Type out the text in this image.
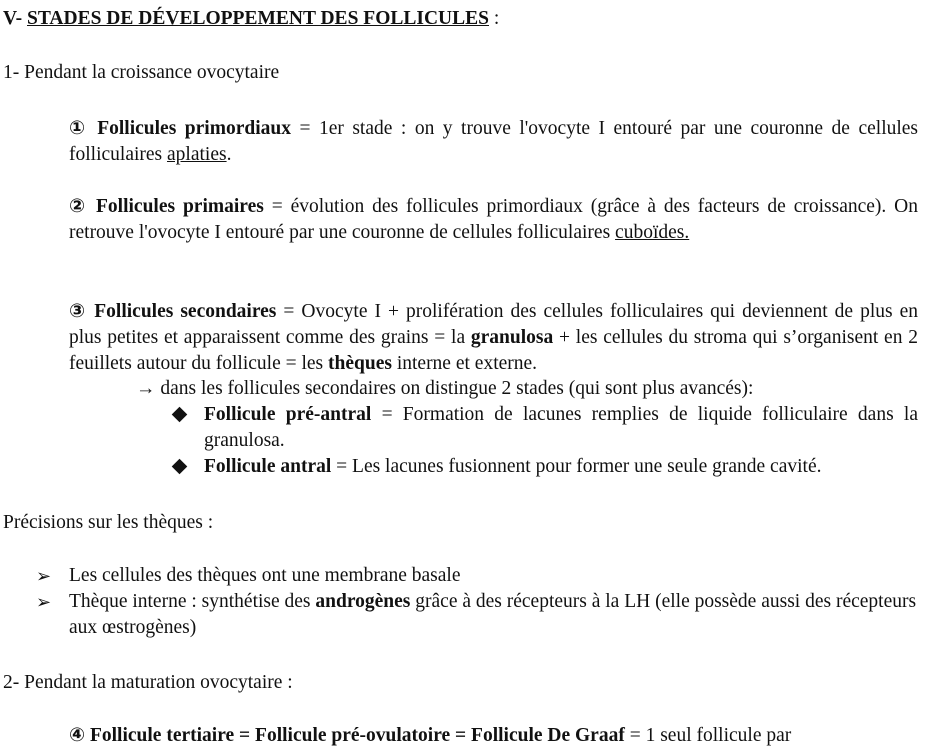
V- STADES DE DÉVELOPPEMENT DES FOLLICULES :
1- Pendant la croissance ovocytaire
① Follicules primordiaux = 1er stade : on y trouve l'ovocyte I entouré par une couronne de cellules folliculaires aplaties.
② Follicules primaires = évolution des follicules primordiaux (grâce à des facteurs de croissance). On retrouve l'ovocyte I entouré par une couronne de cellules folliculaires cuboïdes.
③ Follicules secondaires = Ovocyte I + prolifération des cellules folliculaires qui deviennent de plus en plus petites et apparaissent comme des grains = la granulosa + les cellules du stroma qui s’organisent en 2 feuillets autour du follicule = les thèques interne et externe.
→ dans les follicules secondaires on distingue 2 stades (qui sont plus avancés):
Follicule pré-antral = Formation de lacunes remplies de liquide folliculaire dans la granulosa.
Follicule antral = Les lacunes fusionnent pour former une seule grande cavité.
Précisions sur les thèques :
➢ Les cellules des thèques ont une membrane basale
➢ Thèque interne : synthétise des androgènes grâce à des récepteurs à la LH (elle possède aussi des récepteurs aux œstrogènes)
2- Pendant la maturation ovocytaire :
④ Follicule tertiaire = Follicule pré-ovulatoire = Follicule De Graaf = 1 seul follicule par
